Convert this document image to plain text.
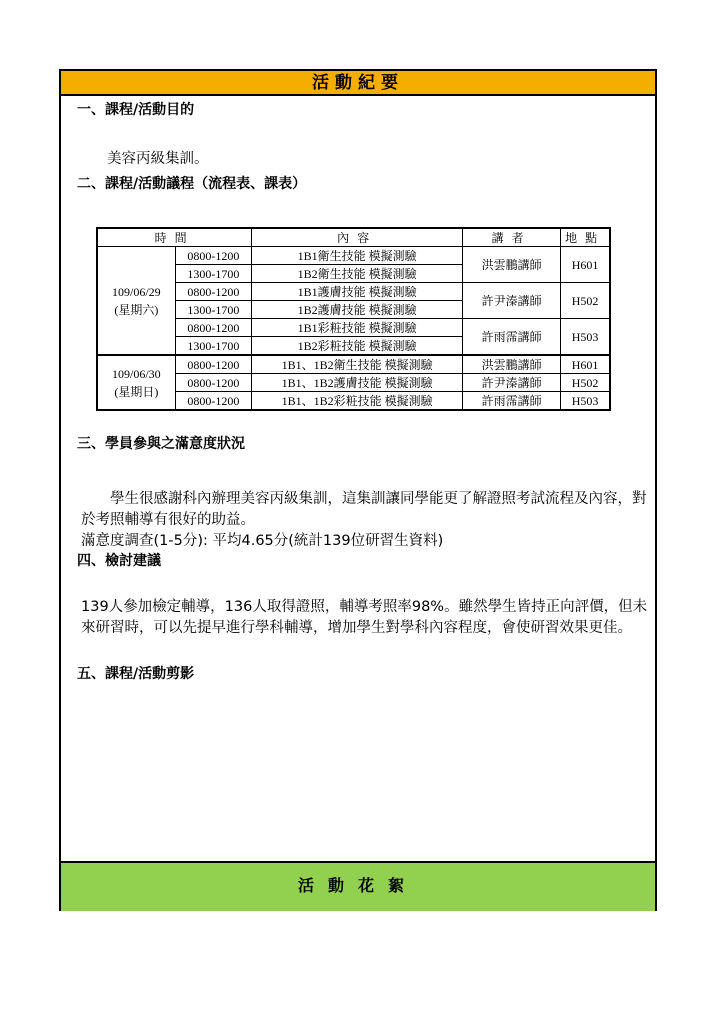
活動紀要
一、課程/活動目的
美容丙級集訓。
二、課程/活動議程（流程表、課表）
時間		內容	講者	地點
109/06/29
(星期六)	0800-1200	1B1衛生技能 模擬測驗	洪雲鵬講師	H601
	1300-1700	1B2衛生技能 模擬測驗		
	0800-1200	1B1護膚技能 模擬測驗	許尹溱講師	H502
	1300-1700	1B2護膚技能 模擬測驗		
	0800-1200	1B1彩粧技能 模擬測驗	許雨霈講師	H503
	1300-1700	1B2彩粧技能 模擬測驗		
109/06/30
(星期日)	0800-1200	1B1、1B2衛生技能 模擬測驗	洪雲鵬講師	H601
	0800-1200	1B1、1B2護膚技能 模擬測驗	許尹溱講師	H502
	0800-1200	1B1、1B2彩粧技能 模擬測驗	許雨霈講師	H503
三、學員參與之滿意度狀況
學生很感謝科內辦理美容丙級集訓，這集訓讓同學能更了解證照考試流程及內容，對於考照輔導有很好的助益。
滿意度調查(1-5分): 平均4.65分(統計139位研習生資料)
四、檢討建議
139人參加檢定輔導，136人取得證照，輔導考照率98%。雖然學生皆持正向評價，但未來研習時，可以先提早進行學科輔導，增加學生對學科內容程度，會使研習效果更佳。
五、課程/活動剪影
活動花絮
